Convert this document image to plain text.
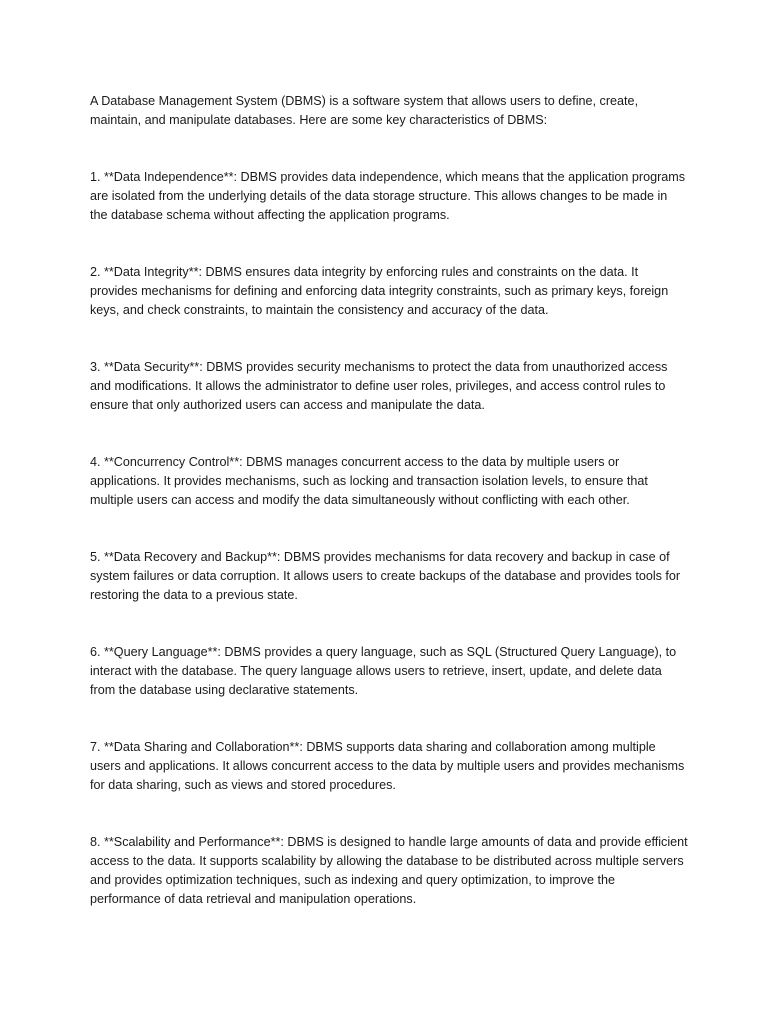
A Database Management System (DBMS) is a software system that allows users to define, create, maintain, and manipulate databases. Here are some key characteristics of DBMS:

1. **Data Independence**: DBMS provides data independence, which means that the application programs are isolated from the underlying details of the data storage structure. This allows changes to be made in the database schema without affecting the application programs.

2. **Data Integrity**: DBMS ensures data integrity by enforcing rules and constraints on the data. It provides mechanisms for defining and enforcing data integrity constraints, such as primary keys, foreign keys, and check constraints, to maintain the consistency and accuracy of the data.

3. **Data Security**: DBMS provides security mechanisms to protect the data from unauthorized access and modifications. It allows the administrator to define user roles, privileges, and access control rules to ensure that only authorized users can access and manipulate the data.

4. **Concurrency Control**: DBMS manages concurrent access to the data by multiple users or applications. It provides mechanisms, such as locking and transaction isolation levels, to ensure that multiple users can access and modify the data simultaneously without conflicting with each other.

5. **Data Recovery and Backup**: DBMS provides mechanisms for data recovery and backup in case of system failures or data corruption. It allows users to create backups of the database and provides tools for restoring the data to a previous state.

6. **Query Language**: DBMS provides a query language, such as SQL (Structured Query Language), to interact with the database. The query language allows users to retrieve, insert, update, and delete data from the database using declarative statements.

7. **Data Sharing and Collaboration**: DBMS supports data sharing and collaboration among multiple users and applications. It allows concurrent access to the data by multiple users and provides mechanisms for data sharing, such as views and stored procedures.

8. **Scalability and Performance**: DBMS is designed to handle large amounts of data and provide efficient access to the data. It supports scalability by allowing the database to be distributed across multiple servers and provides optimization techniques, such as indexing and query optimization, to improve the performance of data retrieval and manipulation operations.
